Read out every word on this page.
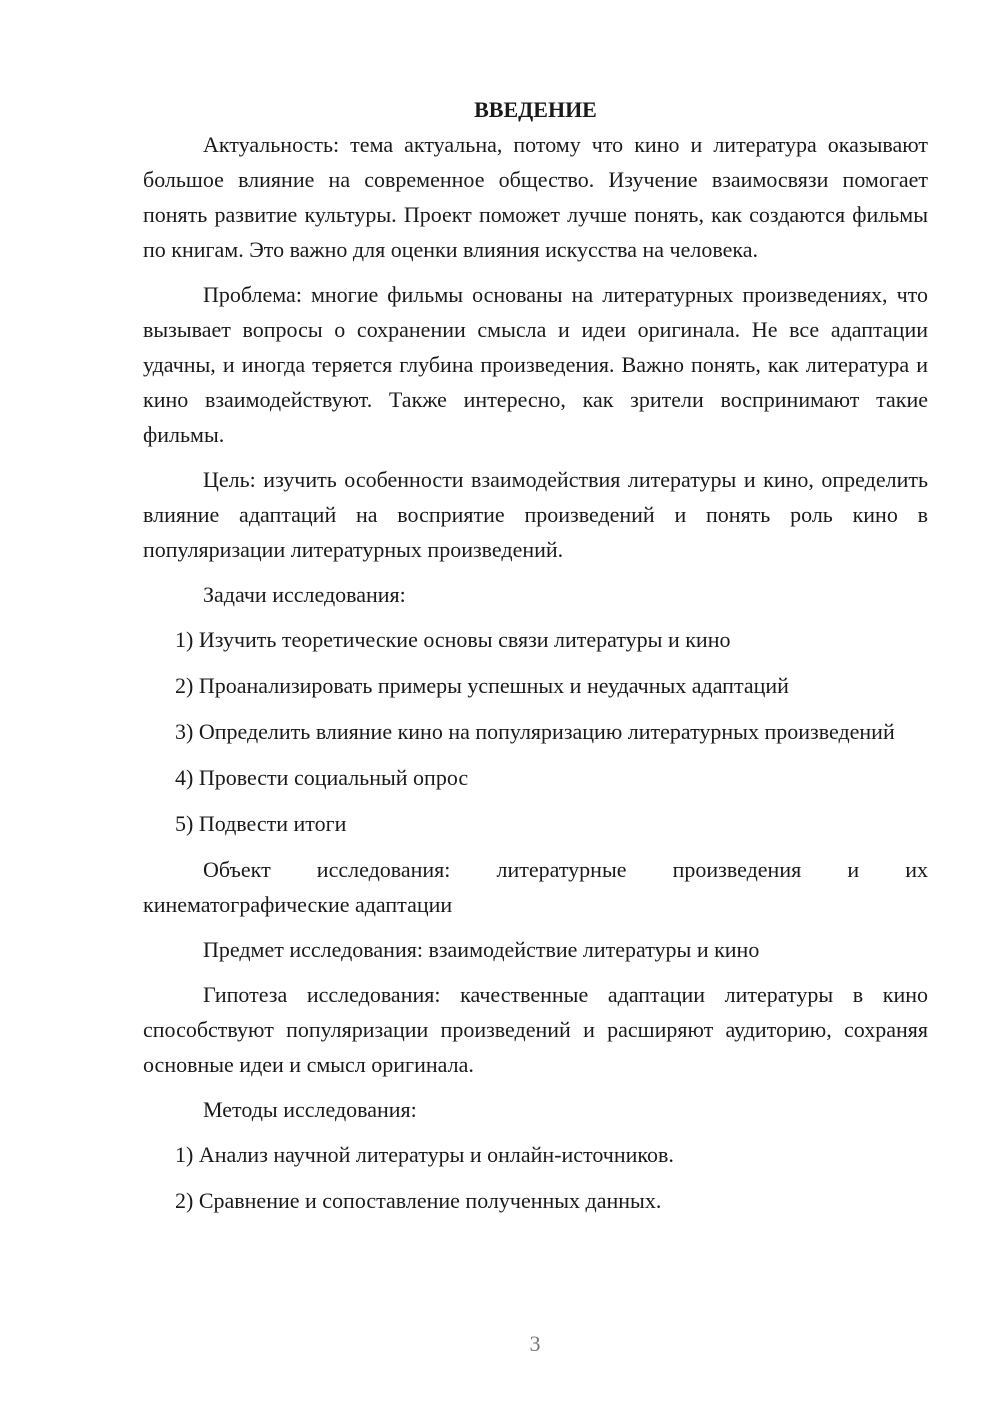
ВВЕДЕНИЕ

Актуальность: тема актуальна, потому что кино и литература оказывают большое влияние на современное общество. Изучение взаимосвязи помогает понять развитие культуры. Проект поможет лучше понять, как создаются фильмы по книгам. Это важно для оценки влияния искусства на человека.

Проблема: многие фильмы основаны на литературных произведениях, что вызывает вопросы о сохранении смысла и идеи оригинала. Не все адаптации удачны, и иногда теряется глубина произведения. Важно понять, как литература и кино взаимодействуют. Также интересно, как зрители воспринимают такие фильмы.

Цель: изучить особенности взаимодействия литературы и кино, определить влияние адаптаций на восприятие произведений и понять роль кино в популяризации литературных произведений.

Задачи исследования:

1) Изучить теоретические основы связи литературы и кино

2) Проанализировать примеры успешных и неудачных адаптаций

3) Определить влияние кино на популяризацию литературных произведений

4) Провести социальный опрос

5) Подвести итоги

Объект исследования: литературные произведения и их кинематографические адаптации

Предмет исследования: взаимодействие литературы и кино

Гипотеза исследования: качественные адаптации литературы в кино способствуют популяризации произведений и расширяют аудиторию, сохраняя основные идеи и смысл оригинала.

Методы исследования:

1) Анализ научной литературы и онлайн-источников.

2) Сравнение и сопоставление полученных данных.

3
